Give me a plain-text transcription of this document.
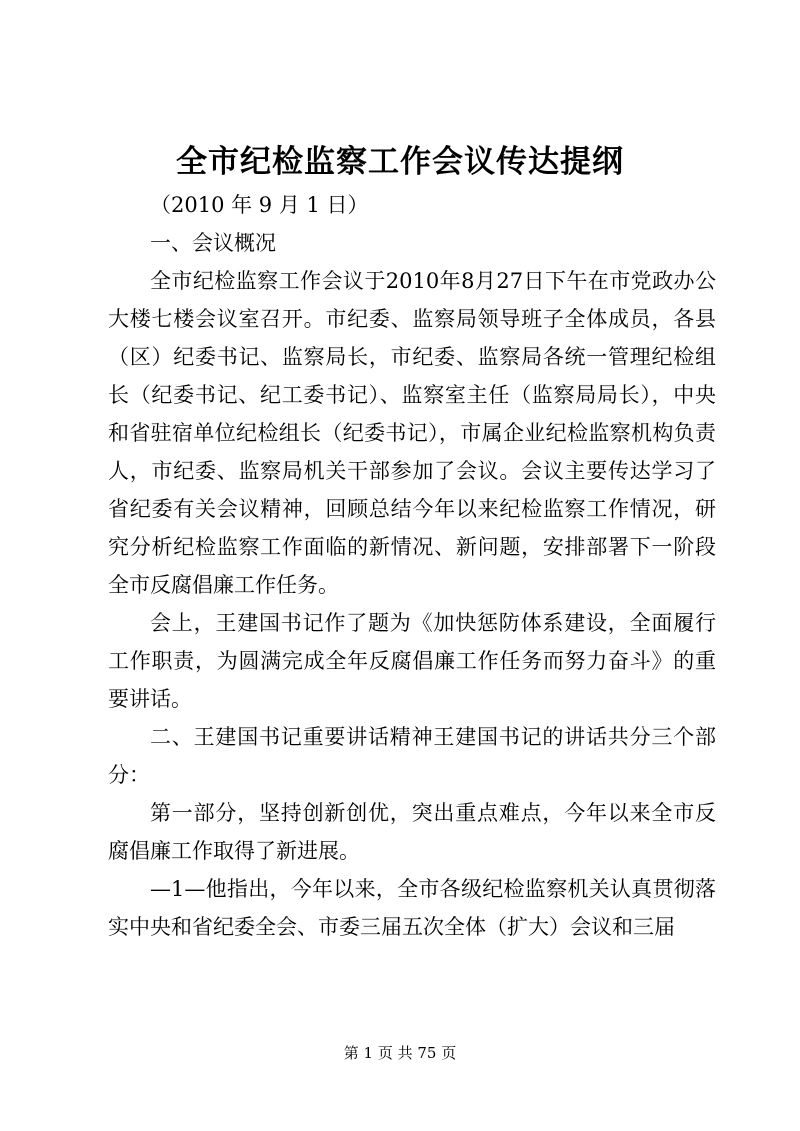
全市纪检监察工作会议传达提纲

（2010 年 9 月 1 日）

一、会议概况

全市纪检监察工作会议于2010年8月27日下午在市党政办公大楼七楼会议室召开。市纪委、监察局领导班子全体成员，各县（区）纪委书记、监察局长，市纪委、监察局各统一管理纪检组长（纪委书记、纪工委书记）、监察室主任（监察局局长），中央和省驻宿单位纪检组长（纪委书记），市属企业纪检监察机构负责人，市纪委、监察局机关干部参加了会议。会议主要传达学习了省纪委有关会议精神，回顾总结今年以来纪检监察工作情况，研究分析纪检监察工作面临的新情况、新问题，安排部署下一阶段全市反腐倡廉工作任务。

会上，王建国书记作了题为《加快惩防体系建设，全面履行工作职责，为圆满完成全年反腐倡廉工作任务而努力奋斗》的重要讲话。

二、王建国书记重要讲话精神王建国书记的讲话共分三个部分：

第一部分，坚持创新创优，突出重点难点，今年以来全市反腐倡廉工作取得了新进展。

—1—他指出，今年以来，全市各级纪检监察机关认真贯彻落实中央和省纪委全会、市委三届五次全体（扩大）会议和三届

第 1 页 共 75 页
